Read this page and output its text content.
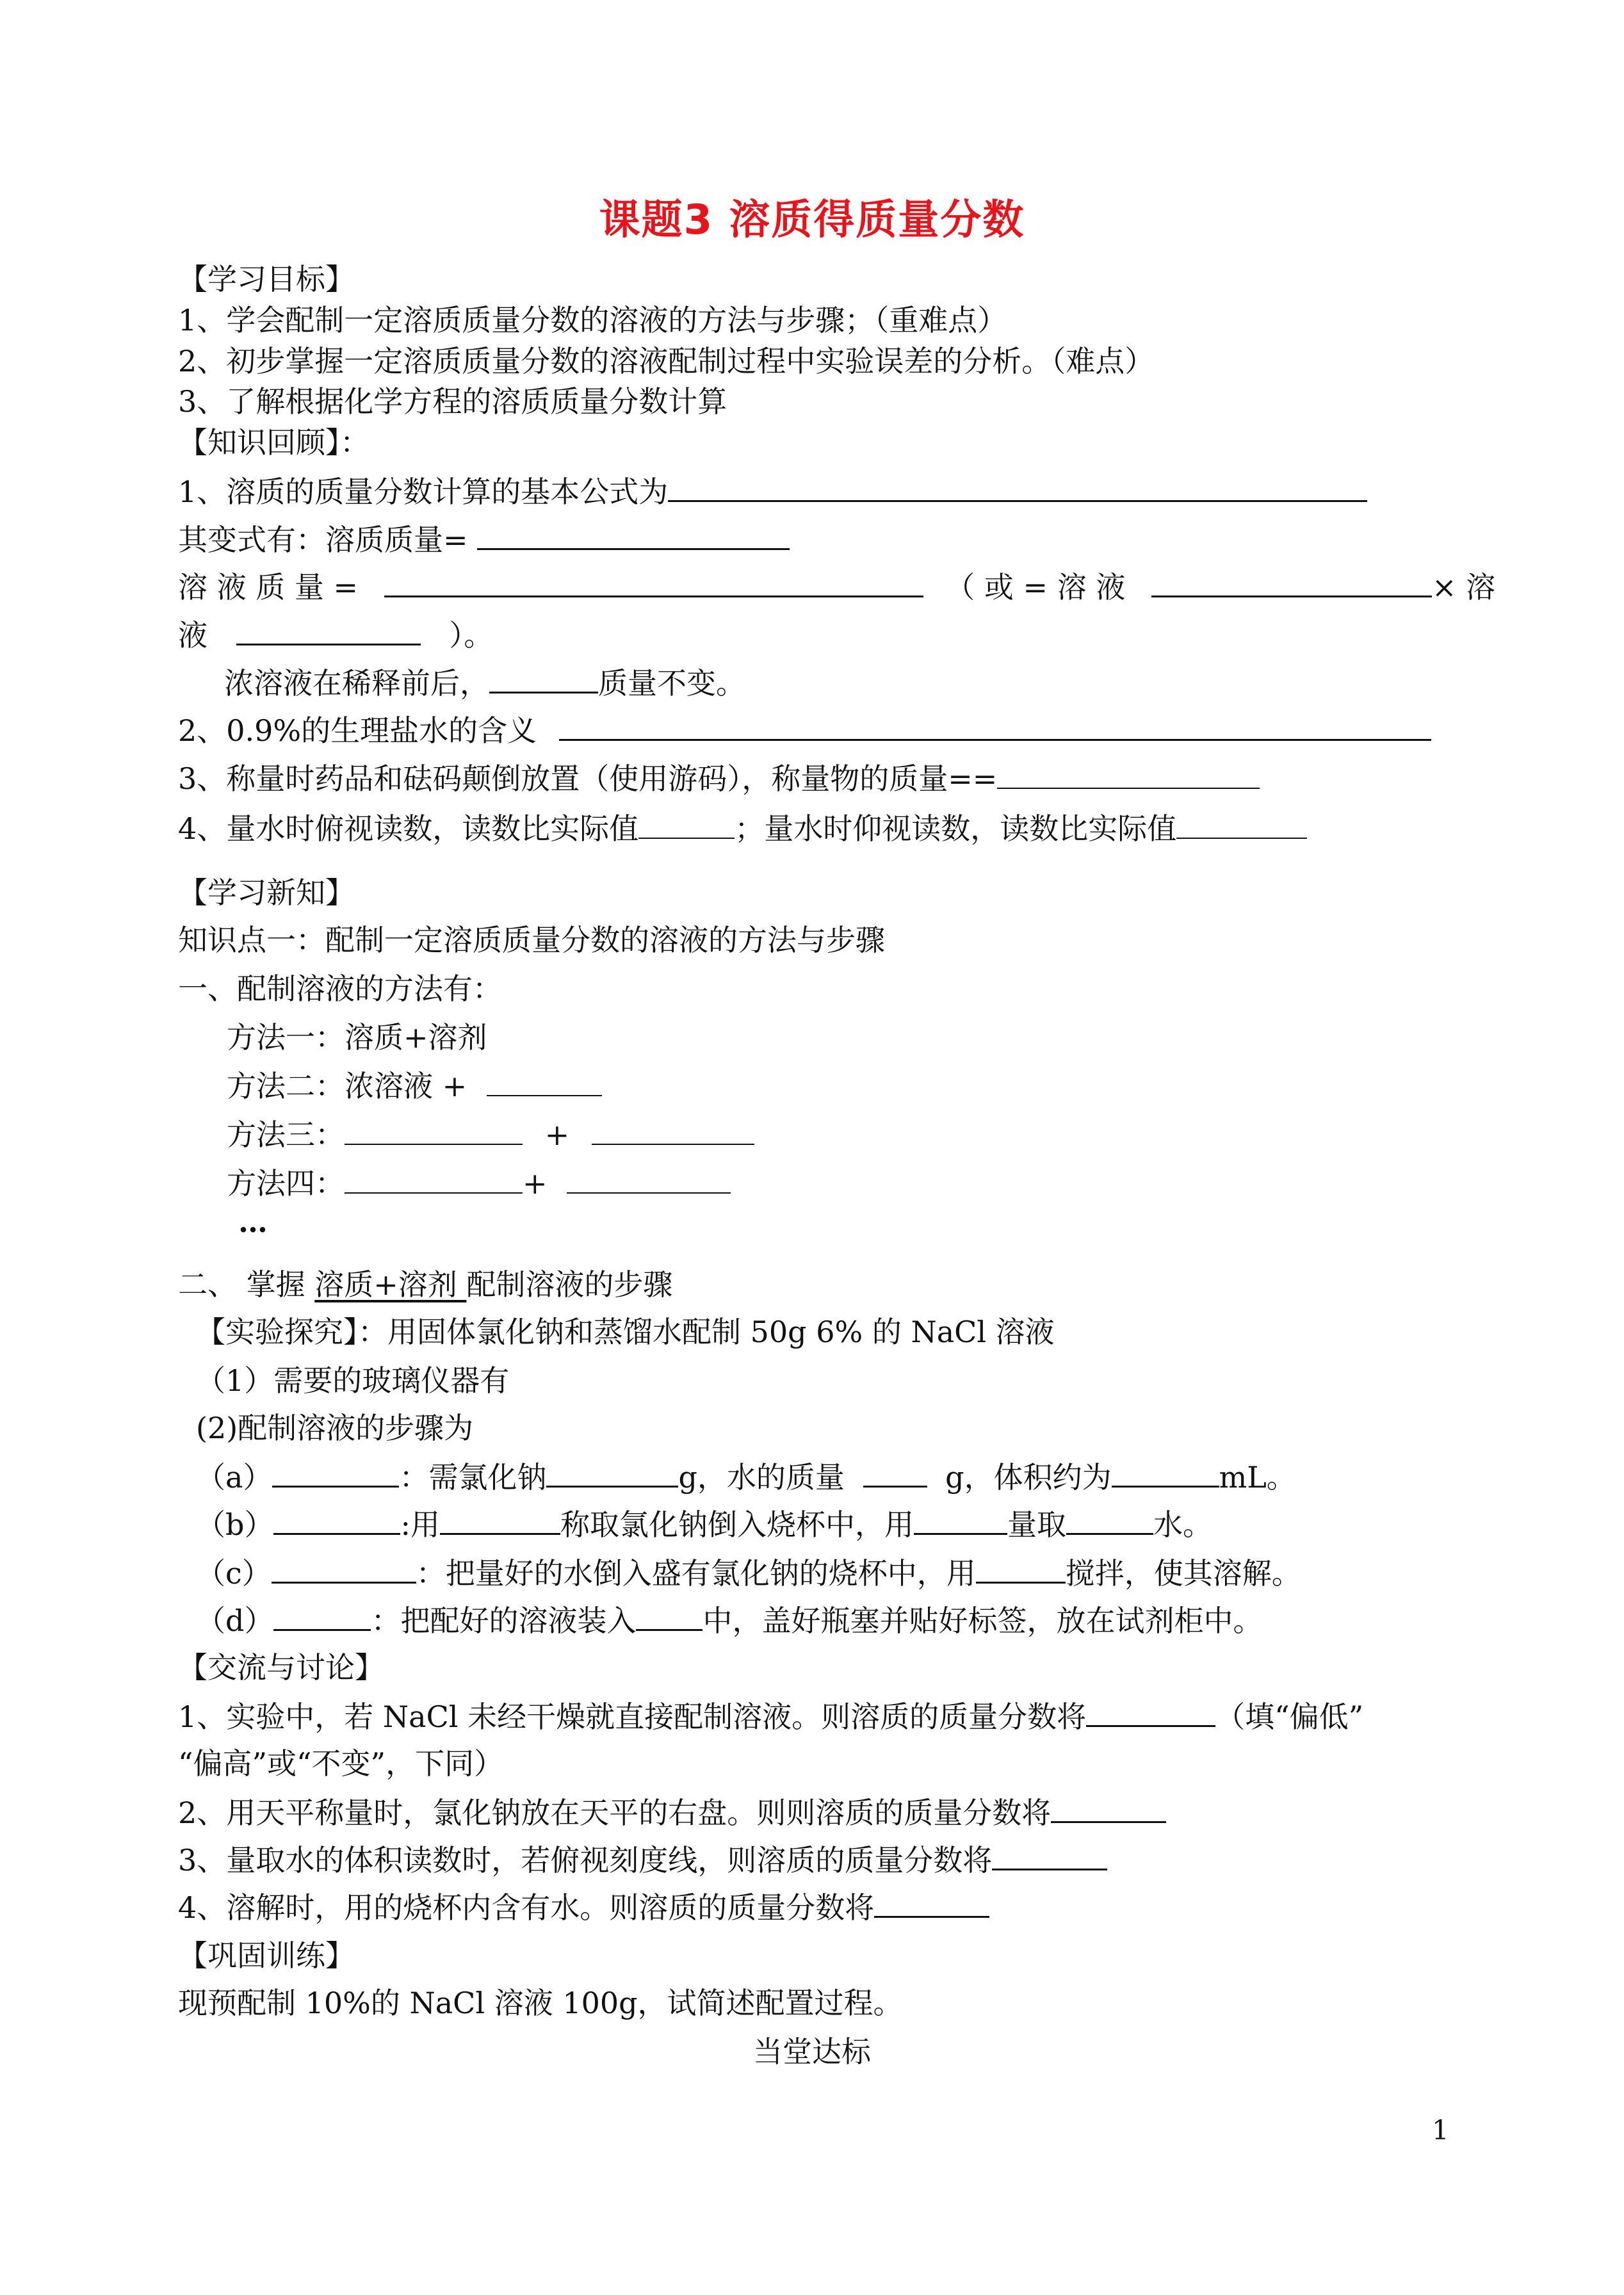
课题3 溶质得质量分数
【学习目标】
1、学会配制一定溶质质量分数的溶液的方法与步骤；（重难点）
2、初步掌握一定溶质质量分数的溶液配制过程中实验误差的分析。（难点）
3、了解根据化学方程的溶质质量分数计算
【知识回顾】：
1、溶质的质量分数计算的基本公式为
其变式有：溶质质量=
溶 液 质 量 =	（ 或 = 溶 液	× 溶
液	）。
浓溶液在稀释前后，	质量不变。
2、0.9%的生理盐水的含义
3、称量时药品和砝码颠倒放置（使用游码），称量物的质量==
4、量水时俯视读数，读数比实际值	；量水时仰视读数，读数比实际值
【学习新知】
知识点一：配制一定溶质质量分数的溶液的方法与步骤
一、配制溶液的方法有：
方法一：溶质+溶剂
方法二：浓溶液 +
方法三：	+
方法四：	+
…
二、 掌握 溶质+溶剂 配制溶液的步骤
【实验探究】：用固体氯化钠和蒸馏水配制 50g 6% 的 NaCl 溶液
（1）需要的玻璃仪器有
(2)配制溶液的步骤为
（a）	：需氯化钠	g，水的质量	g，体积约为	mL。
（b）	:用	称取氯化钠倒入烧杯中，用	量取	水。
（c）	：把量好的水倒入盛有氯化钠的烧杯中，用	搅拌，使其溶解。
（d）	：把配好的溶液装入 中，盖好瓶塞并贴好标签，放在试剂柜中。
【交流与讨论】
1、实验中，若 NaCl 未经干燥就直接配制溶液。则溶质的质量分数将	（填“偏低”
“偏高”或“不变”，下同）
2、用天平称量时，氯化钠放在天平的右盘。则则溶质的质量分数将
3、量取水的体积读数时，若俯视刻度线，则溶质的质量分数将
4、溶解时，用的烧杯内含有水。则溶质的质量分数将
【巩固训练】
现预配制 10%的 NaCl 溶液 100g，试简述配置过程。
当堂达标
1
